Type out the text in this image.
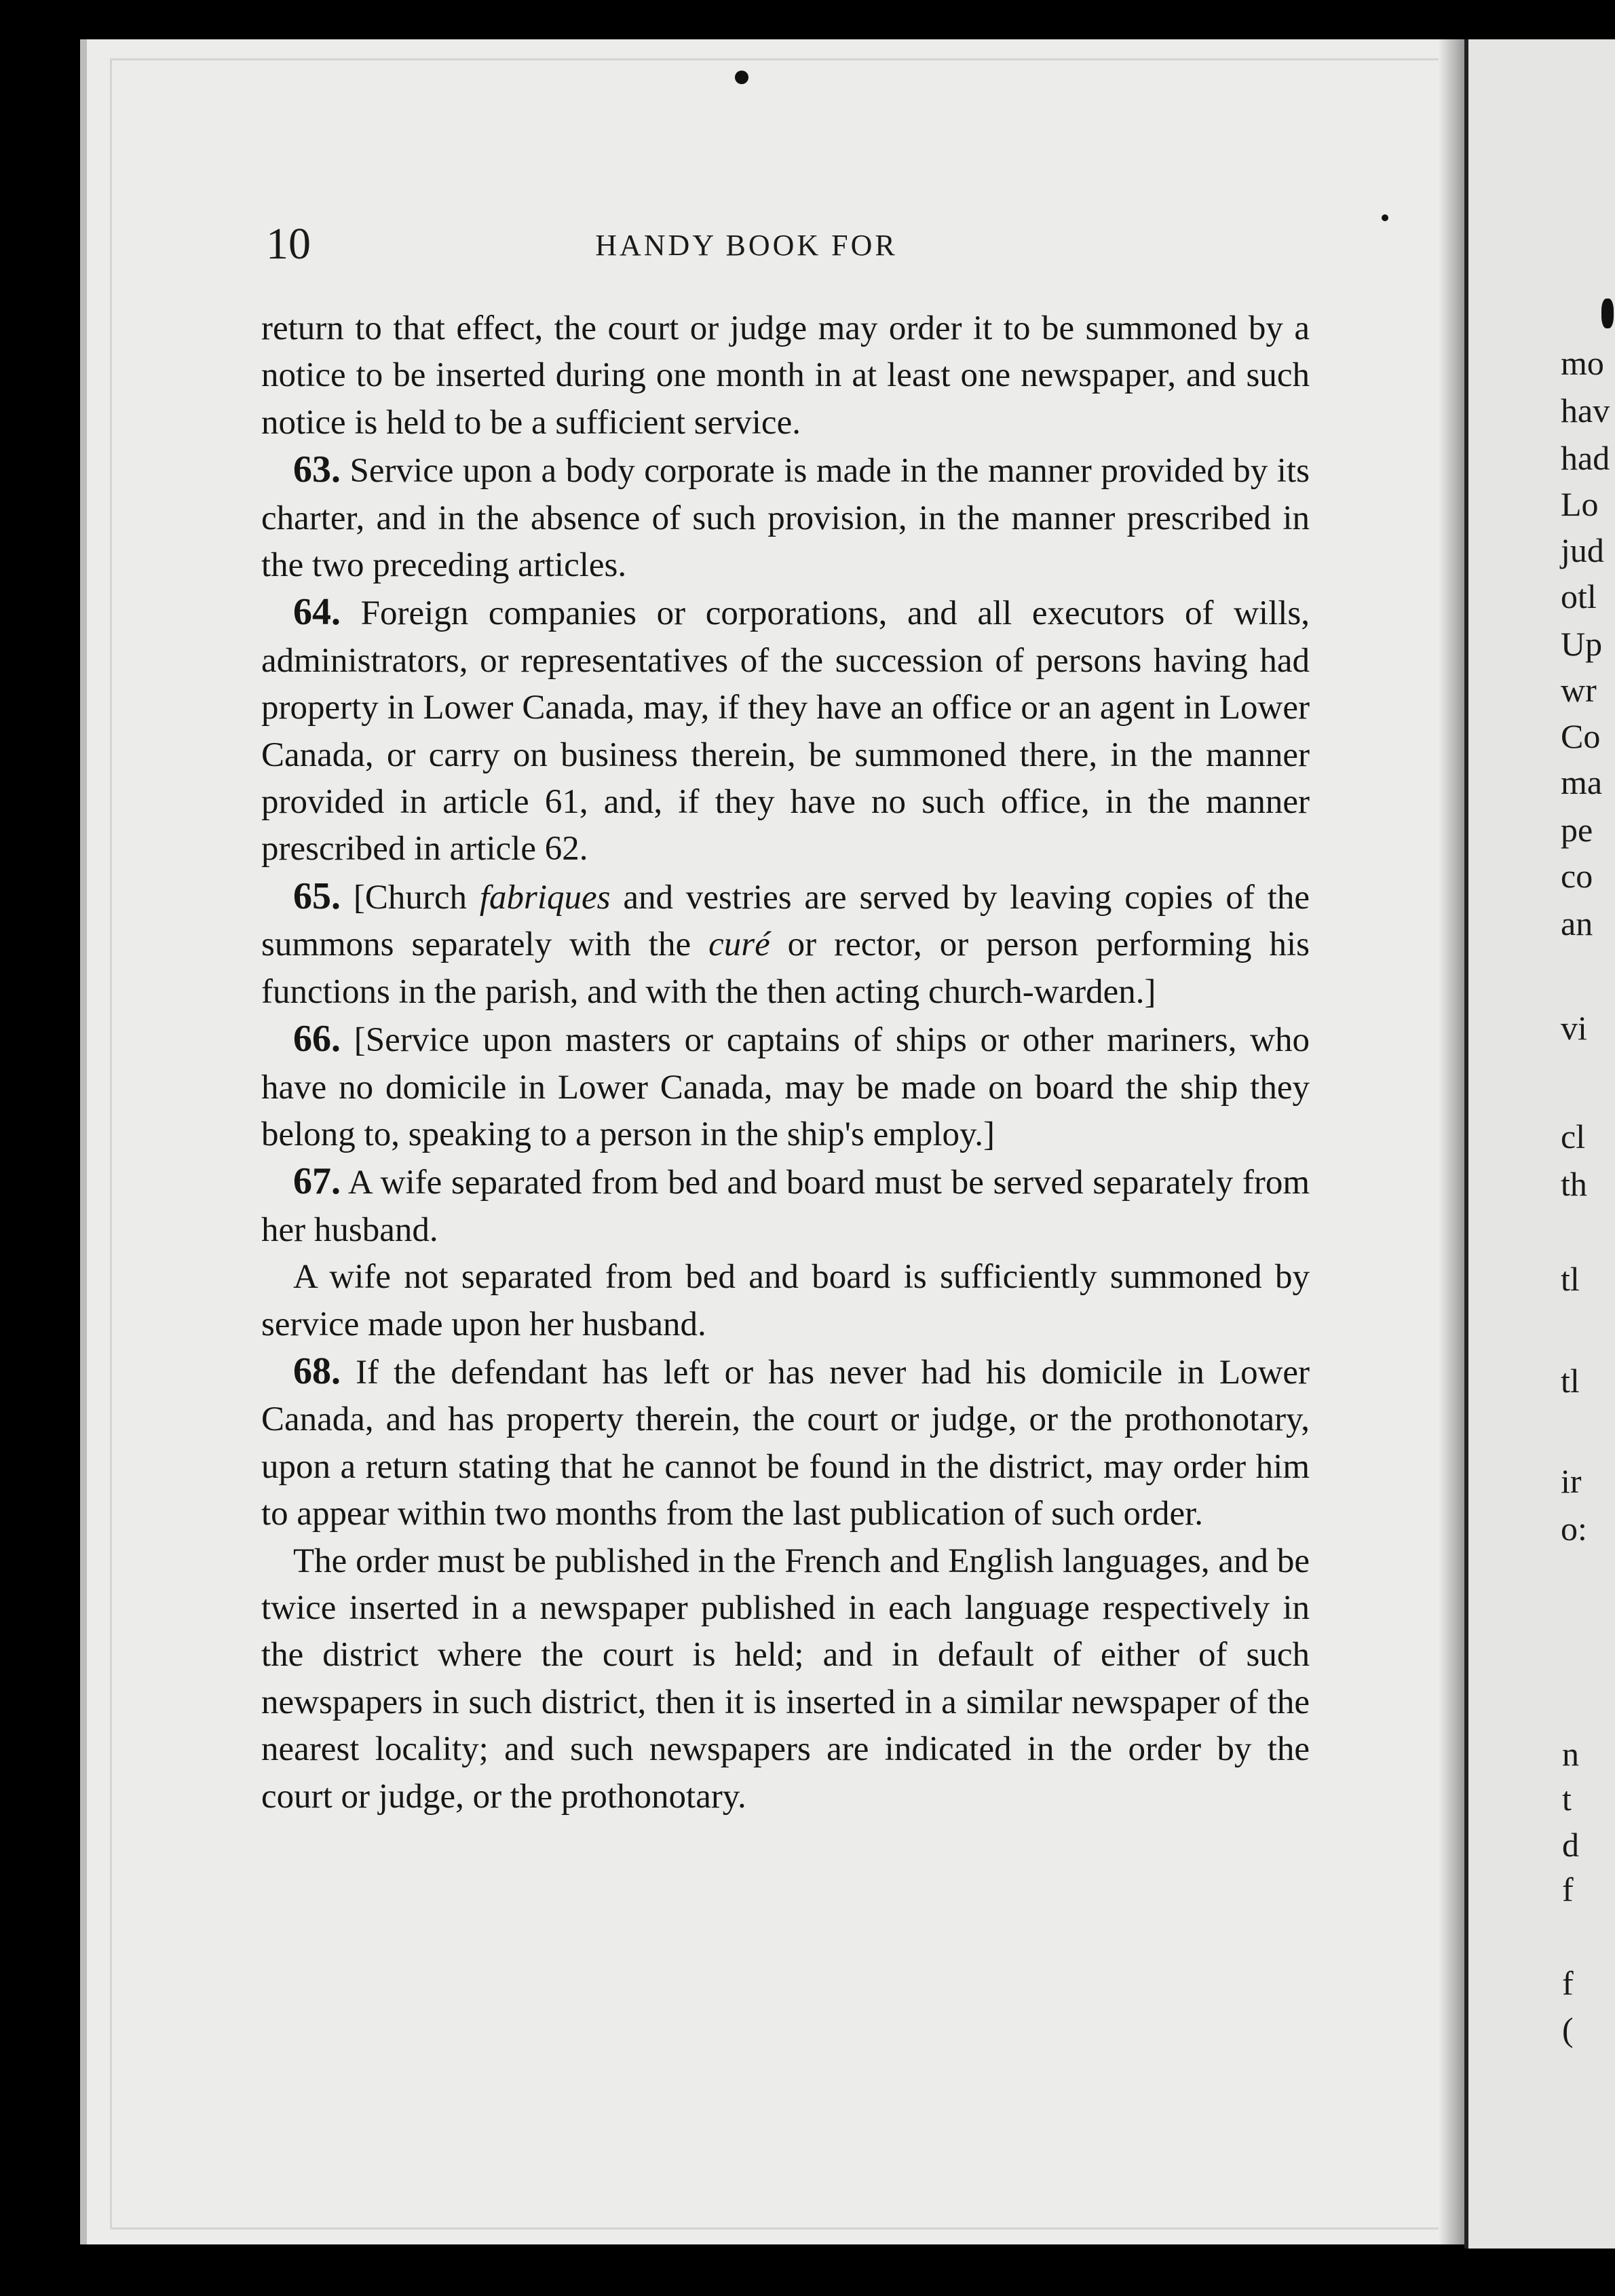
10	HANDY BOOK FOR

return to that effect, the court or judge may order it to be summoned by a notice to be inserted during one month in at least one newspaper, and such notice is held to be a sufficient service.

63. Service upon a body corporate is made in the manner provided by its charter, and in the absence of such provision, in the manner prescribed in the two preceding articles.

64. Foreign companies or corporations, and all executors of wills, administrators, or representatives of the succession of persons having had property in Lower Canada, may, if they have an office or an agent in Lower Canada, or carry on business therein, be summoned there, in the manner provided in article 61, and, if they have no such office, in the manner prescribed in article 62.

65. [Church fabriques and vestries are served by leaving copies of the summons separately with the curé or rector, or person performing his functions in the parish, and with the then acting church-warden.]

66. [Service upon masters or captains of ships or other mariners, who have no domicile in Lower Canada, may be made on board the ship they belong to, speaking to a person in the ship's employ.]

67. A wife separated from bed and board must be served separately from her husband.

A wife not separated from bed and board is sufficiently summoned by service made upon her husband.

68. If the defendant has left or has never had his domicile in Lower Canada, and has property therein, the court or judge, or the prothonotary, upon a return stating that he cannot be found in the district, may order him to appear within two months from the last publication of such order.

The order must be published in the French and English languages, and be twice inserted in a newspaper published in each language respectively in the district where the court is held; and in default of either of such newspapers in such district, then it is inserted in a similar newspaper of the nearest locality; and such newspapers are indicated in the order by the court or judge, or the prothonotary.

mo
hav
had
Lo
jud
otl
Up
wr
Co
ma
pe
co
an
vi
cl
th
tl
tl
ir
o:
n
t
d
f
f
(
